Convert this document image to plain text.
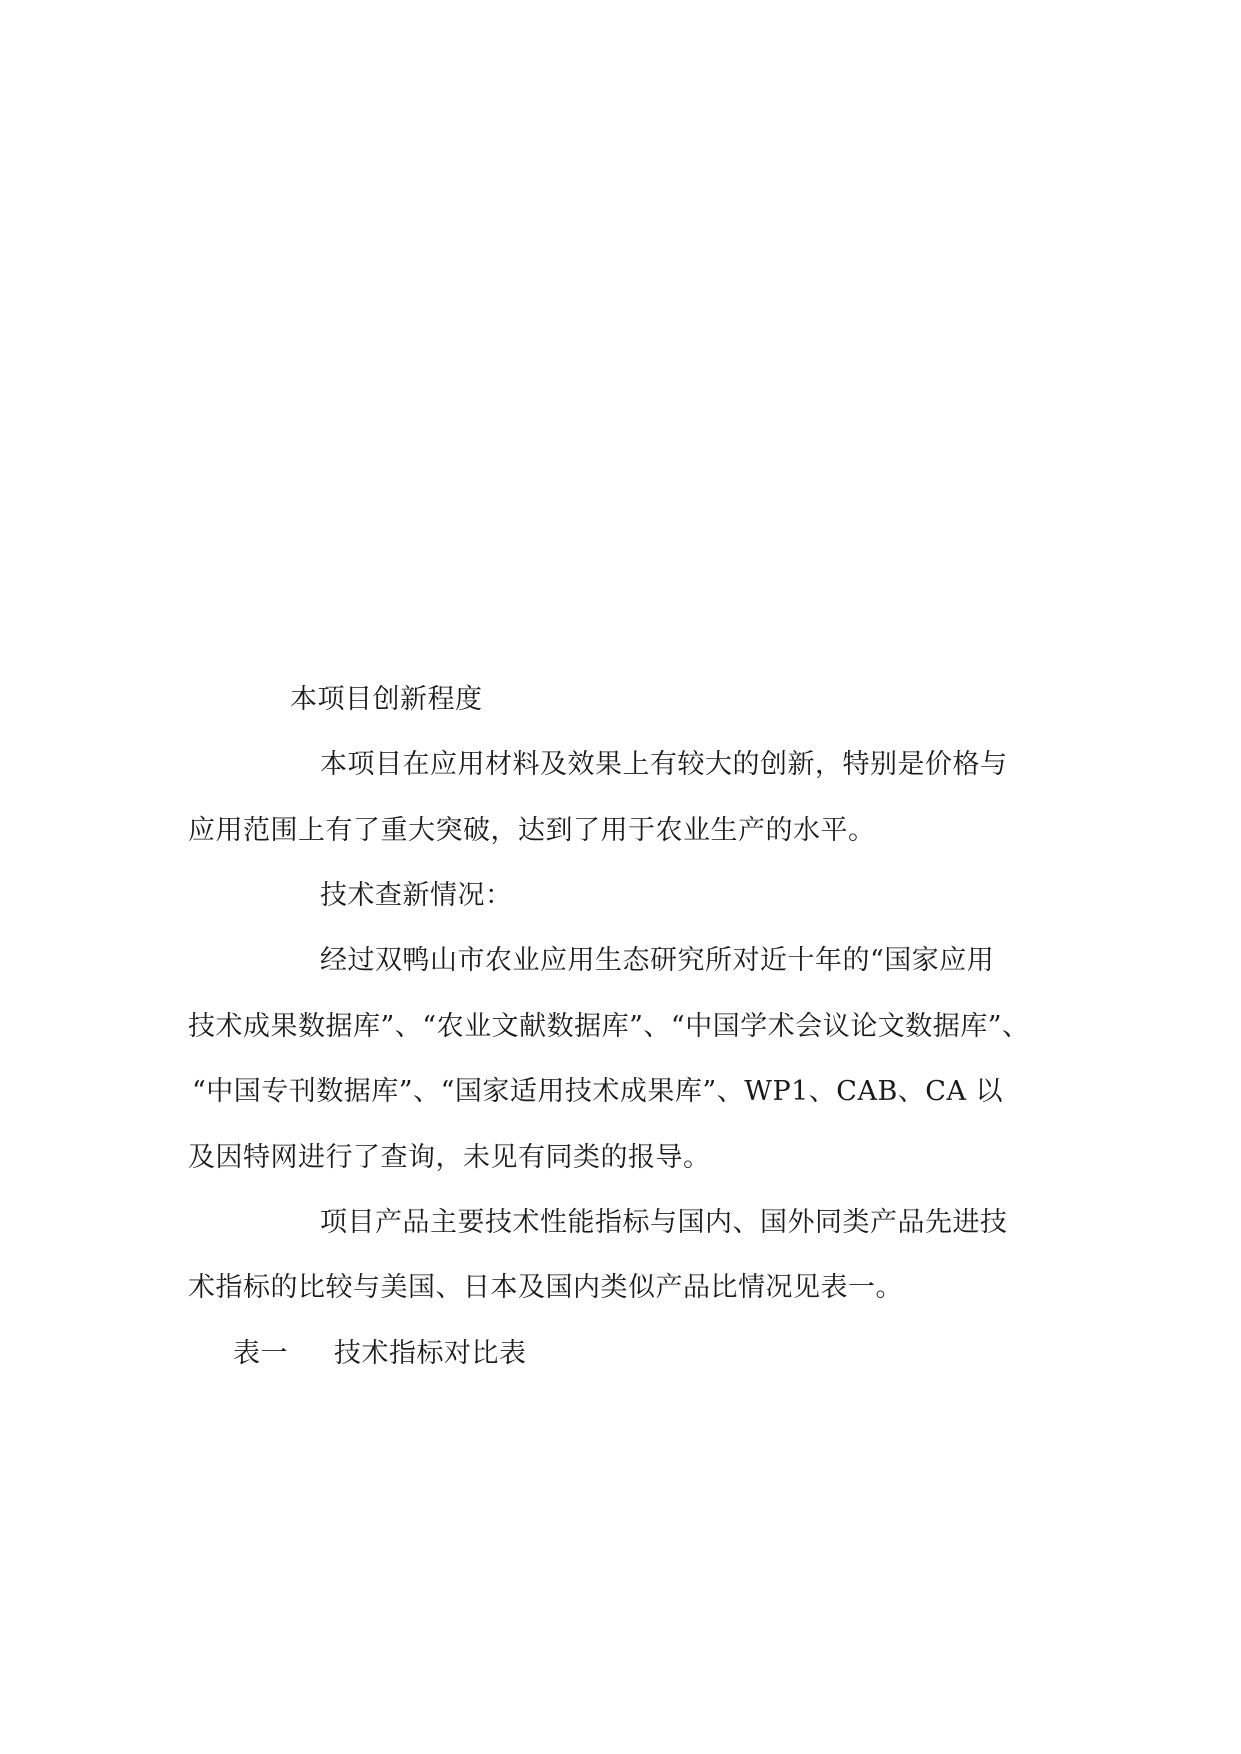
本项目创新程度
本项目在应用材料及效果上有较大的创新，特别是价格与
应用范围上有了重大突破，达到了用于农业生产的水平。
技术查新情况：
经过双鸭山市农业应用生态研究所对近十年的“国家应用
技术成果数据库”、“农业文献数据库”、“中国学术会议论文数据库”、
“中国专刊数据库”、“国家适用技术成果库”、WP1、CAB、CA 以
及因特网进行了查询，未见有同类的报导。
项目产品主要技术性能指标与国内、国外同类产品先进技
术指标的比较与美国、日本及国内类似产品比情况见表一。
表一 技术指标对比表
